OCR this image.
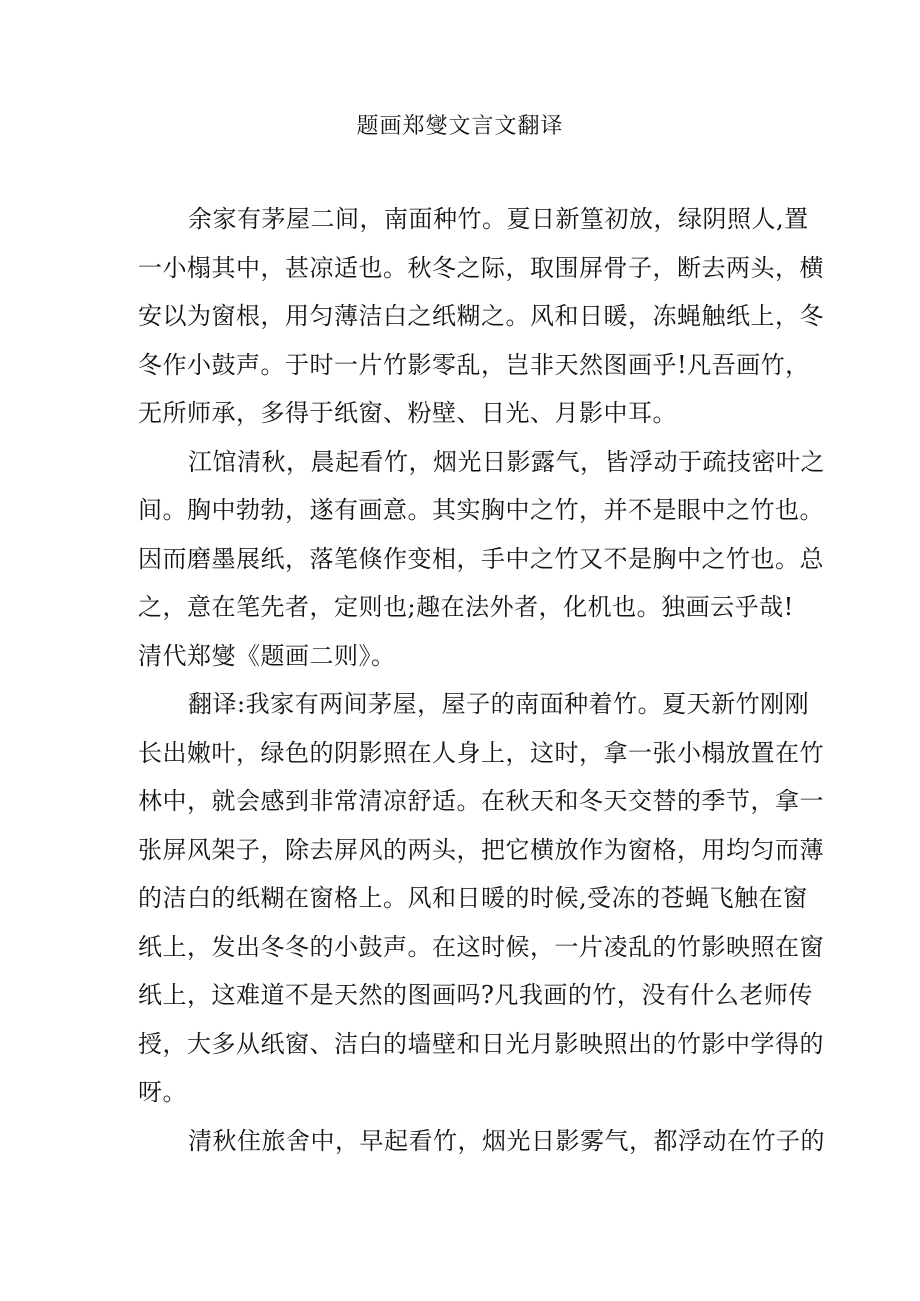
题画郑燮文言文翻译
余家有茅屋二间，南面种竹。夏日新篁初放，绿阴照人,置
一小榻其中，甚凉适也。秋冬之际，取围屏骨子，断去两头，横
安以为窗根，用匀薄洁白之纸糊之。风和日暖，冻蝇触纸上，冬
冬作小鼓声。于时一片竹影零乱，岂非天然图画乎!凡吾画竹，
无所师承，多得于纸窗、粉壁、日光、月影中耳。
江馆清秋，晨起看竹，烟光日影露气，皆浮动于疏技密叶之
间。胸中勃勃，遂有画意。其实胸中之竹，并不是眼中之竹也。
因而磨墨展纸，落笔倏作变相，手中之竹又不是胸中之竹也。总
之，意在笔先者，定则也;趣在法外者，化机也。独画云乎哉!
清代郑燮《题画二则》。
翻译:我家有两间茅屋，屋子的南面种着竹。夏天新竹刚刚
长出嫩叶，绿色的阴影照在人身上，这时，拿一张小榻放置在竹
林中，就会感到非常清凉舒适。在秋天和冬天交替的季节，拿一
张屏风架子，除去屏风的两头，把它横放作为窗格，用均匀而薄
的洁白的纸糊在窗格上。风和日暖的时候,受冻的苍蝇飞触在窗
纸上，发出冬冬的小鼓声。在这时候，一片凌乱的竹影映照在窗
纸上，这难道不是天然的图画吗?凡我画的竹，没有什么老师传
授，大多从纸窗、洁白的墙壁和日光月影映照出的竹影中学得的
呀。
清秋住旅舍中，早起看竹，烟光日影雾气，都浮动在竹子的
